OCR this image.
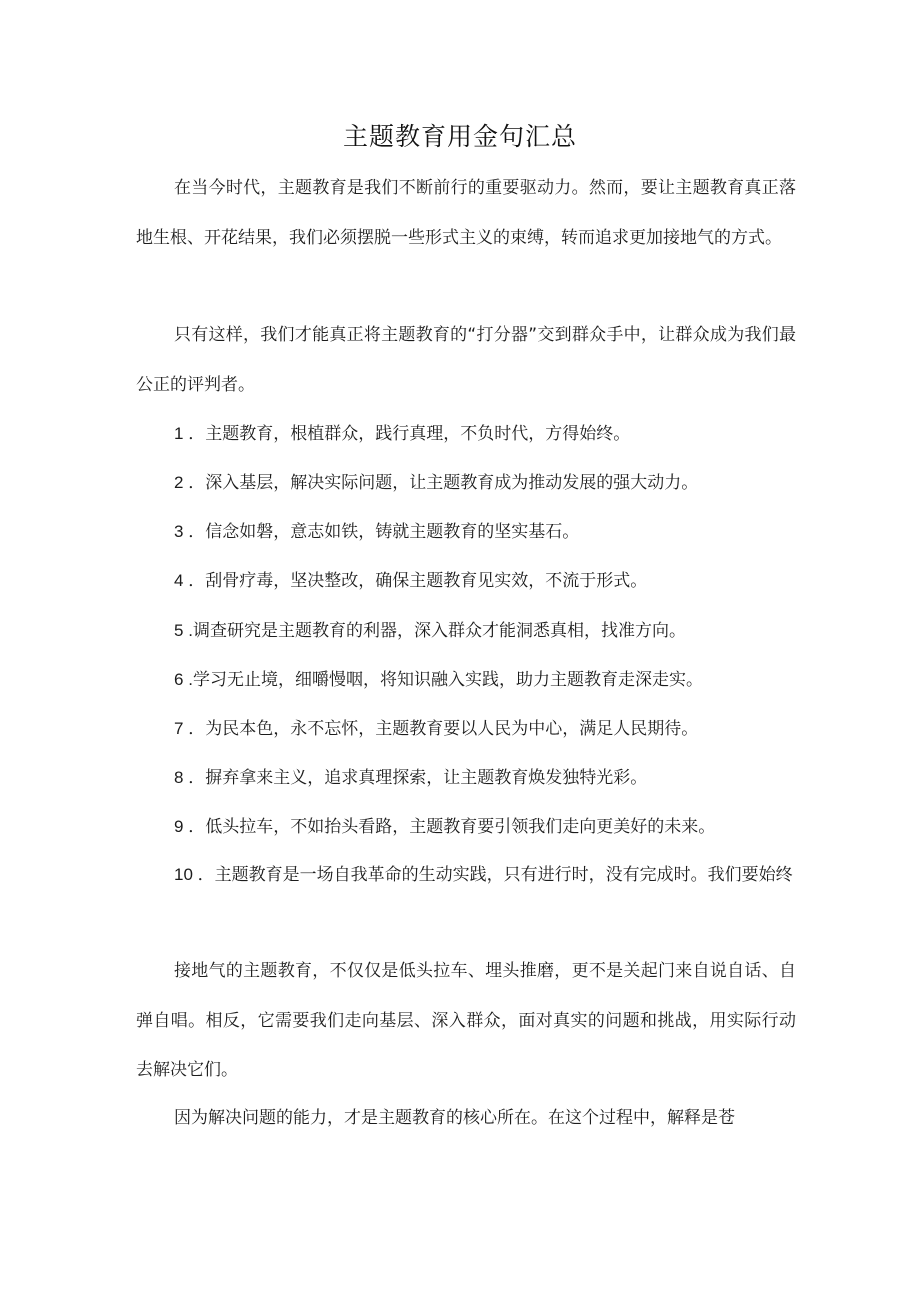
主题教育用金句汇总

在当今时代，主题教育是我们不断前行的重要驱动力。然而，要让主题教育真正落地生根、开花结果，我们必须摆脱一些形式主义的束缚，转而追求更加接地气的方式。

只有这样，我们才能真正将主题教育的“打分器”交到群众手中，让群众成为我们最公正的评判者。

1 ．主题教育，根植群众，践行真理，不负时代，方得始终。
2 ．深入基层，解决实际问题，让主题教育成为推动发展的强大动力。
3 ．信念如磐，意志如铁，铸就主题教育的坚实基石。
4 ．刮骨疗毒，坚决整改，确保主题教育见实效，不流于形式。
5 .调查研究是主题教育的利器，深入群众才能洞悉真相，找准方向。
6 .学习无止境，细嚼慢咽，将知识融入实践，助力主题教育走深走实。
7 ．为民本色，永不忘怀，主题教育要以人民为中心，满足人民期待。
8 ．摒弃拿来主义，追求真理探索，让主题教育焕发独特光彩。
9 ．低头拉车，不如抬头看路，主题教育要引领我们走向更美好的未来。
10 ．主题教育是一场自我革命的生动实践，只有进行时，没有完成时。我们要始终

接地气的主题教育，不仅仅是低头拉车、埋头推磨，更不是关起门来自说自话、自弹自唱。相反，它需要我们走向基层、深入群众，面对真实的问题和挑战，用实际行动去解决它们。

因为解决问题的能力，才是主题教育的核心所在。在这个过程中，解释是苍
